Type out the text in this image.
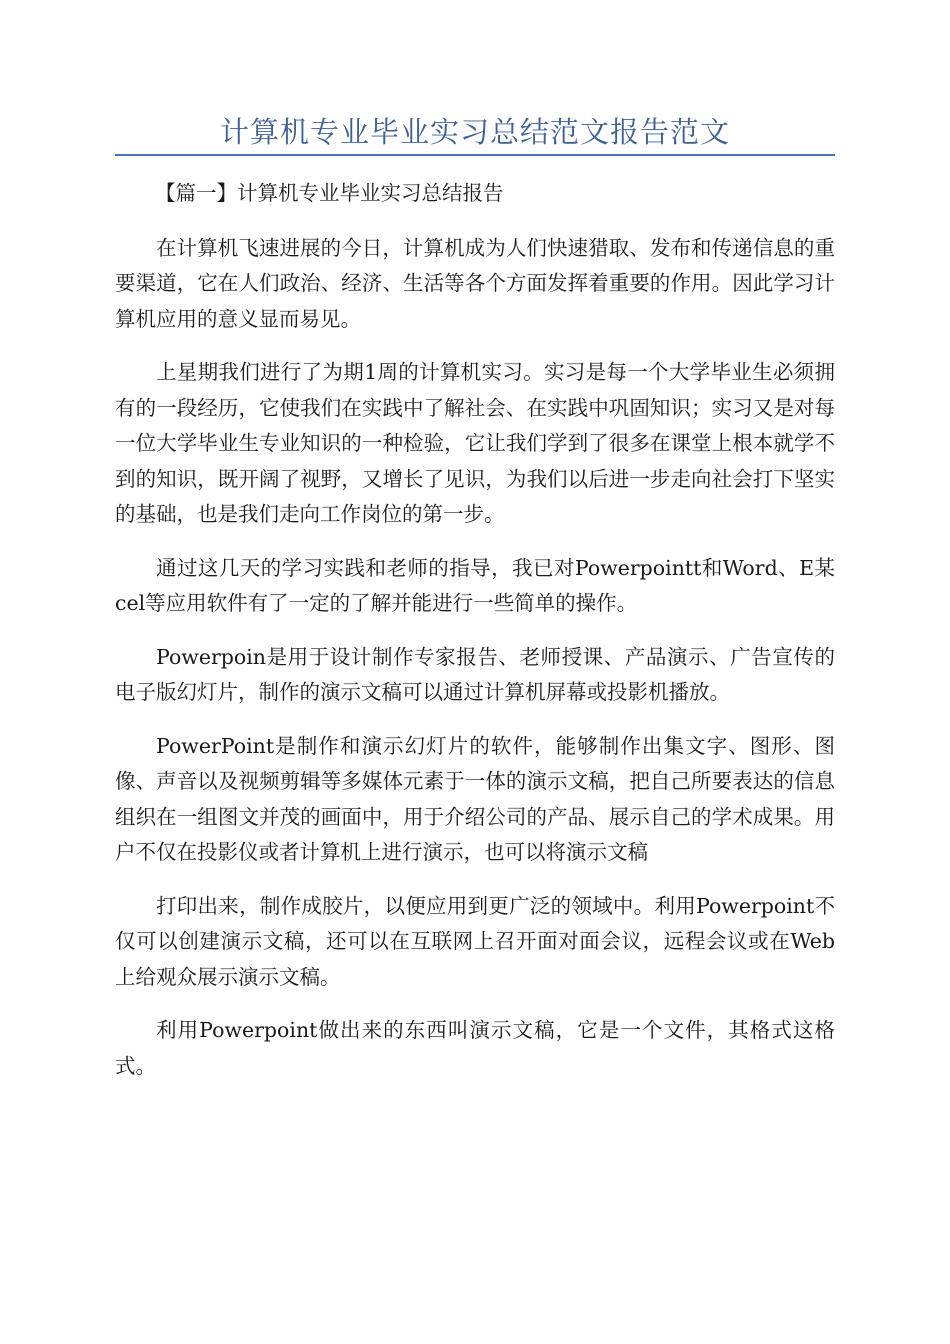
计算机专业毕业实习总结范文报告范文

【篇一】计算机专业毕业实习总结报告

在计算机飞速进展的今日，计算机成为人们快速猎取、发布和传递信息的重要渠道，它在人们政治、经济、生活等各个方面发挥着重要的作用。因此学习计算机应用的意义显而易见。

上星期我们进行了为期1周的计算机实习。实习是每一个大学毕业生必须拥有的一段经历，它使我们在实践中了解社会、在实践中巩固知识；实习又是对每一位大学毕业生专业知识的一种检验，它让我们学到了很多在课堂上根本就学不到的知识，既开阔了视野，又增长了见识，为我们以后进一步走向社会打下坚实的基础，也是我们走向工作岗位的第一步。

通过这几天的学习实践和老师的指导，我已对Powerpointt和Word、E某cel等应用软件有了一定的了解并能进行一些简单的操作。

Powerpoin是用于设计制作专家报告、老师授课、产品演示、广告宣传的电子版幻灯片，制作的演示文稿可以通过计算机屏幕或投影机播放。

PowerPoint是制作和演示幻灯片的软件，能够制作出集文字、图形、图像、声音以及视频剪辑等多媒体元素于一体的演示文稿，把自己所要表达的信息组织在一组图文并茂的画面中，用于介绍公司的产品、展示自己的学术成果。用户不仅在投影仪或者计算机上进行演示，也可以将演示文稿

打印出来，制作成胶片，以便应用到更广泛的领域中。利用Powerpoint不仅可以创建演示文稿，还可以在互联网上召开面对面会议，远程会议或在Web上给观众展示演示文稿。

利用Powerpoint做出来的东西叫演示文稿，它是一个文件，其格式这格式。
